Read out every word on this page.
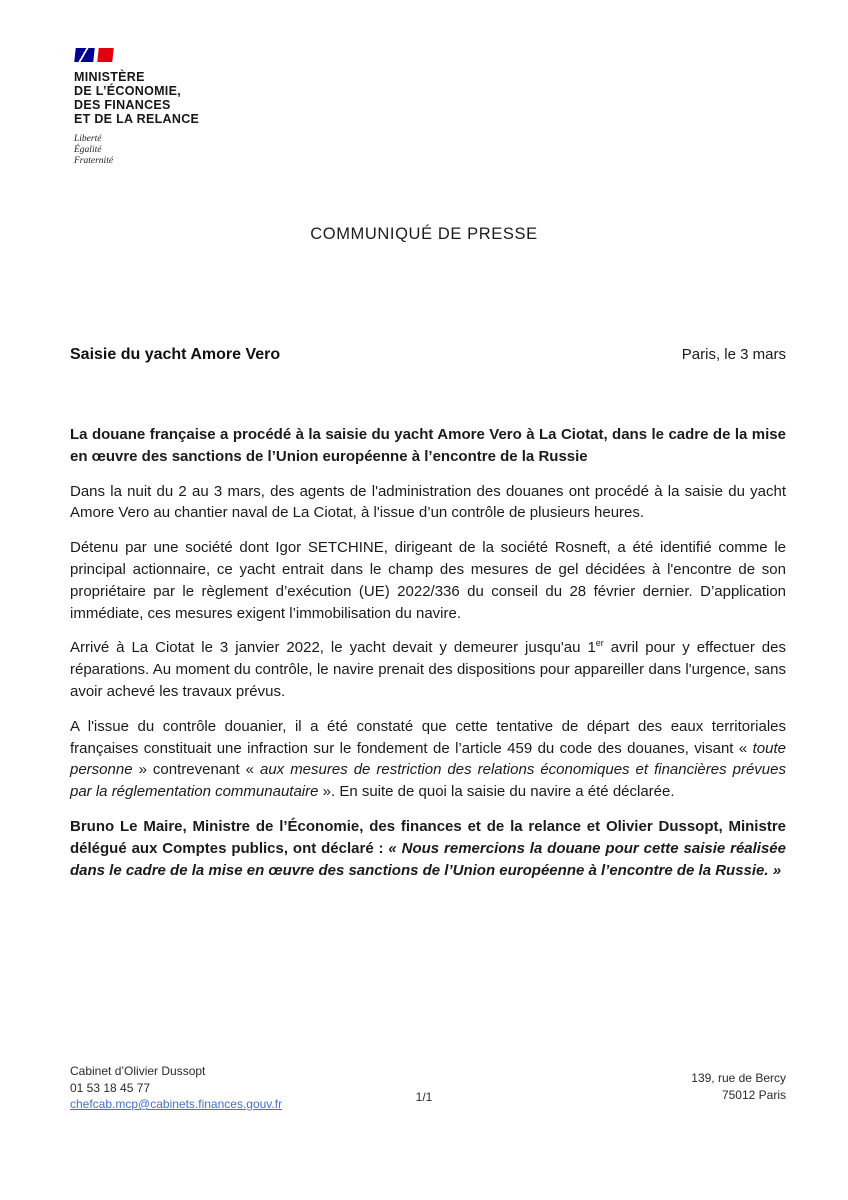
MINISTÈRE
DE L’ÉCONOMIE,
DES FINANCES
ET DE LA RELANCE
Liberté
Égalité
Fraternité
COMMUNIQUÉ DE PRESSE
Saisie du yacht Amore Vero	Paris, le 3 mars

La douane française a procédé à la saisie du yacht Amore Vero à La Ciotat, dans le cadre de la mise en œuvre des sanctions de l’Union européenne à l’encontre de la Russie

Dans la nuit du 2 au 3 mars, des agents de l'administration des douanes ont procédé à la saisie du yacht Amore Vero au chantier naval de La Ciotat, à l'issue d’un contrôle de plusieurs heures.

Détenu par une société dont Igor SETCHINE, dirigeant de la société Rosneft, a été identifié comme le principal actionnaire, ce yacht entrait dans le champ des mesures de gel décidées à l'encontre de son propriétaire par le règlement d’exécution (UE) 2022/336 du conseil du 28 février dernier. D’application immédiate, ces mesures exigent l’immobilisation du navire.

Arrivé à La Ciotat le 3 janvier 2022, le yacht devait y demeurer jusqu'au 1er avril pour y effectuer des réparations. Au moment du contrôle, le navire prenait des dispositions pour appareiller dans l'urgence, sans avoir achevé les travaux prévus.

A l'issue du contrôle douanier, il a été constaté que cette tentative de départ des eaux territoriales françaises constituait une infraction sur le fondement de l’article 459 du code des douanes, visant « toute personne » contrevenant « aux mesures de restriction des relations économiques et financières prévues par la réglementation communautaire ». En suite de quoi la saisie du navire a été déclarée.

Bruno Le Maire, Ministre de l’Économie, des finances et de la relance et Olivier Dussopt, Ministre délégué aux Comptes publics, ont déclaré : « Nous remercions la douane pour cette saisie réalisée dans le cadre de la mise en œuvre des sanctions de l’Union européenne à l’encontre de la Russie. »

Cabinet d’Olivier Dussopt
01 53 18 45 77
chefcab.mcp@cabinets.finances.gouv.fr	1/1
139, rue de Bercy
75012 Paris
